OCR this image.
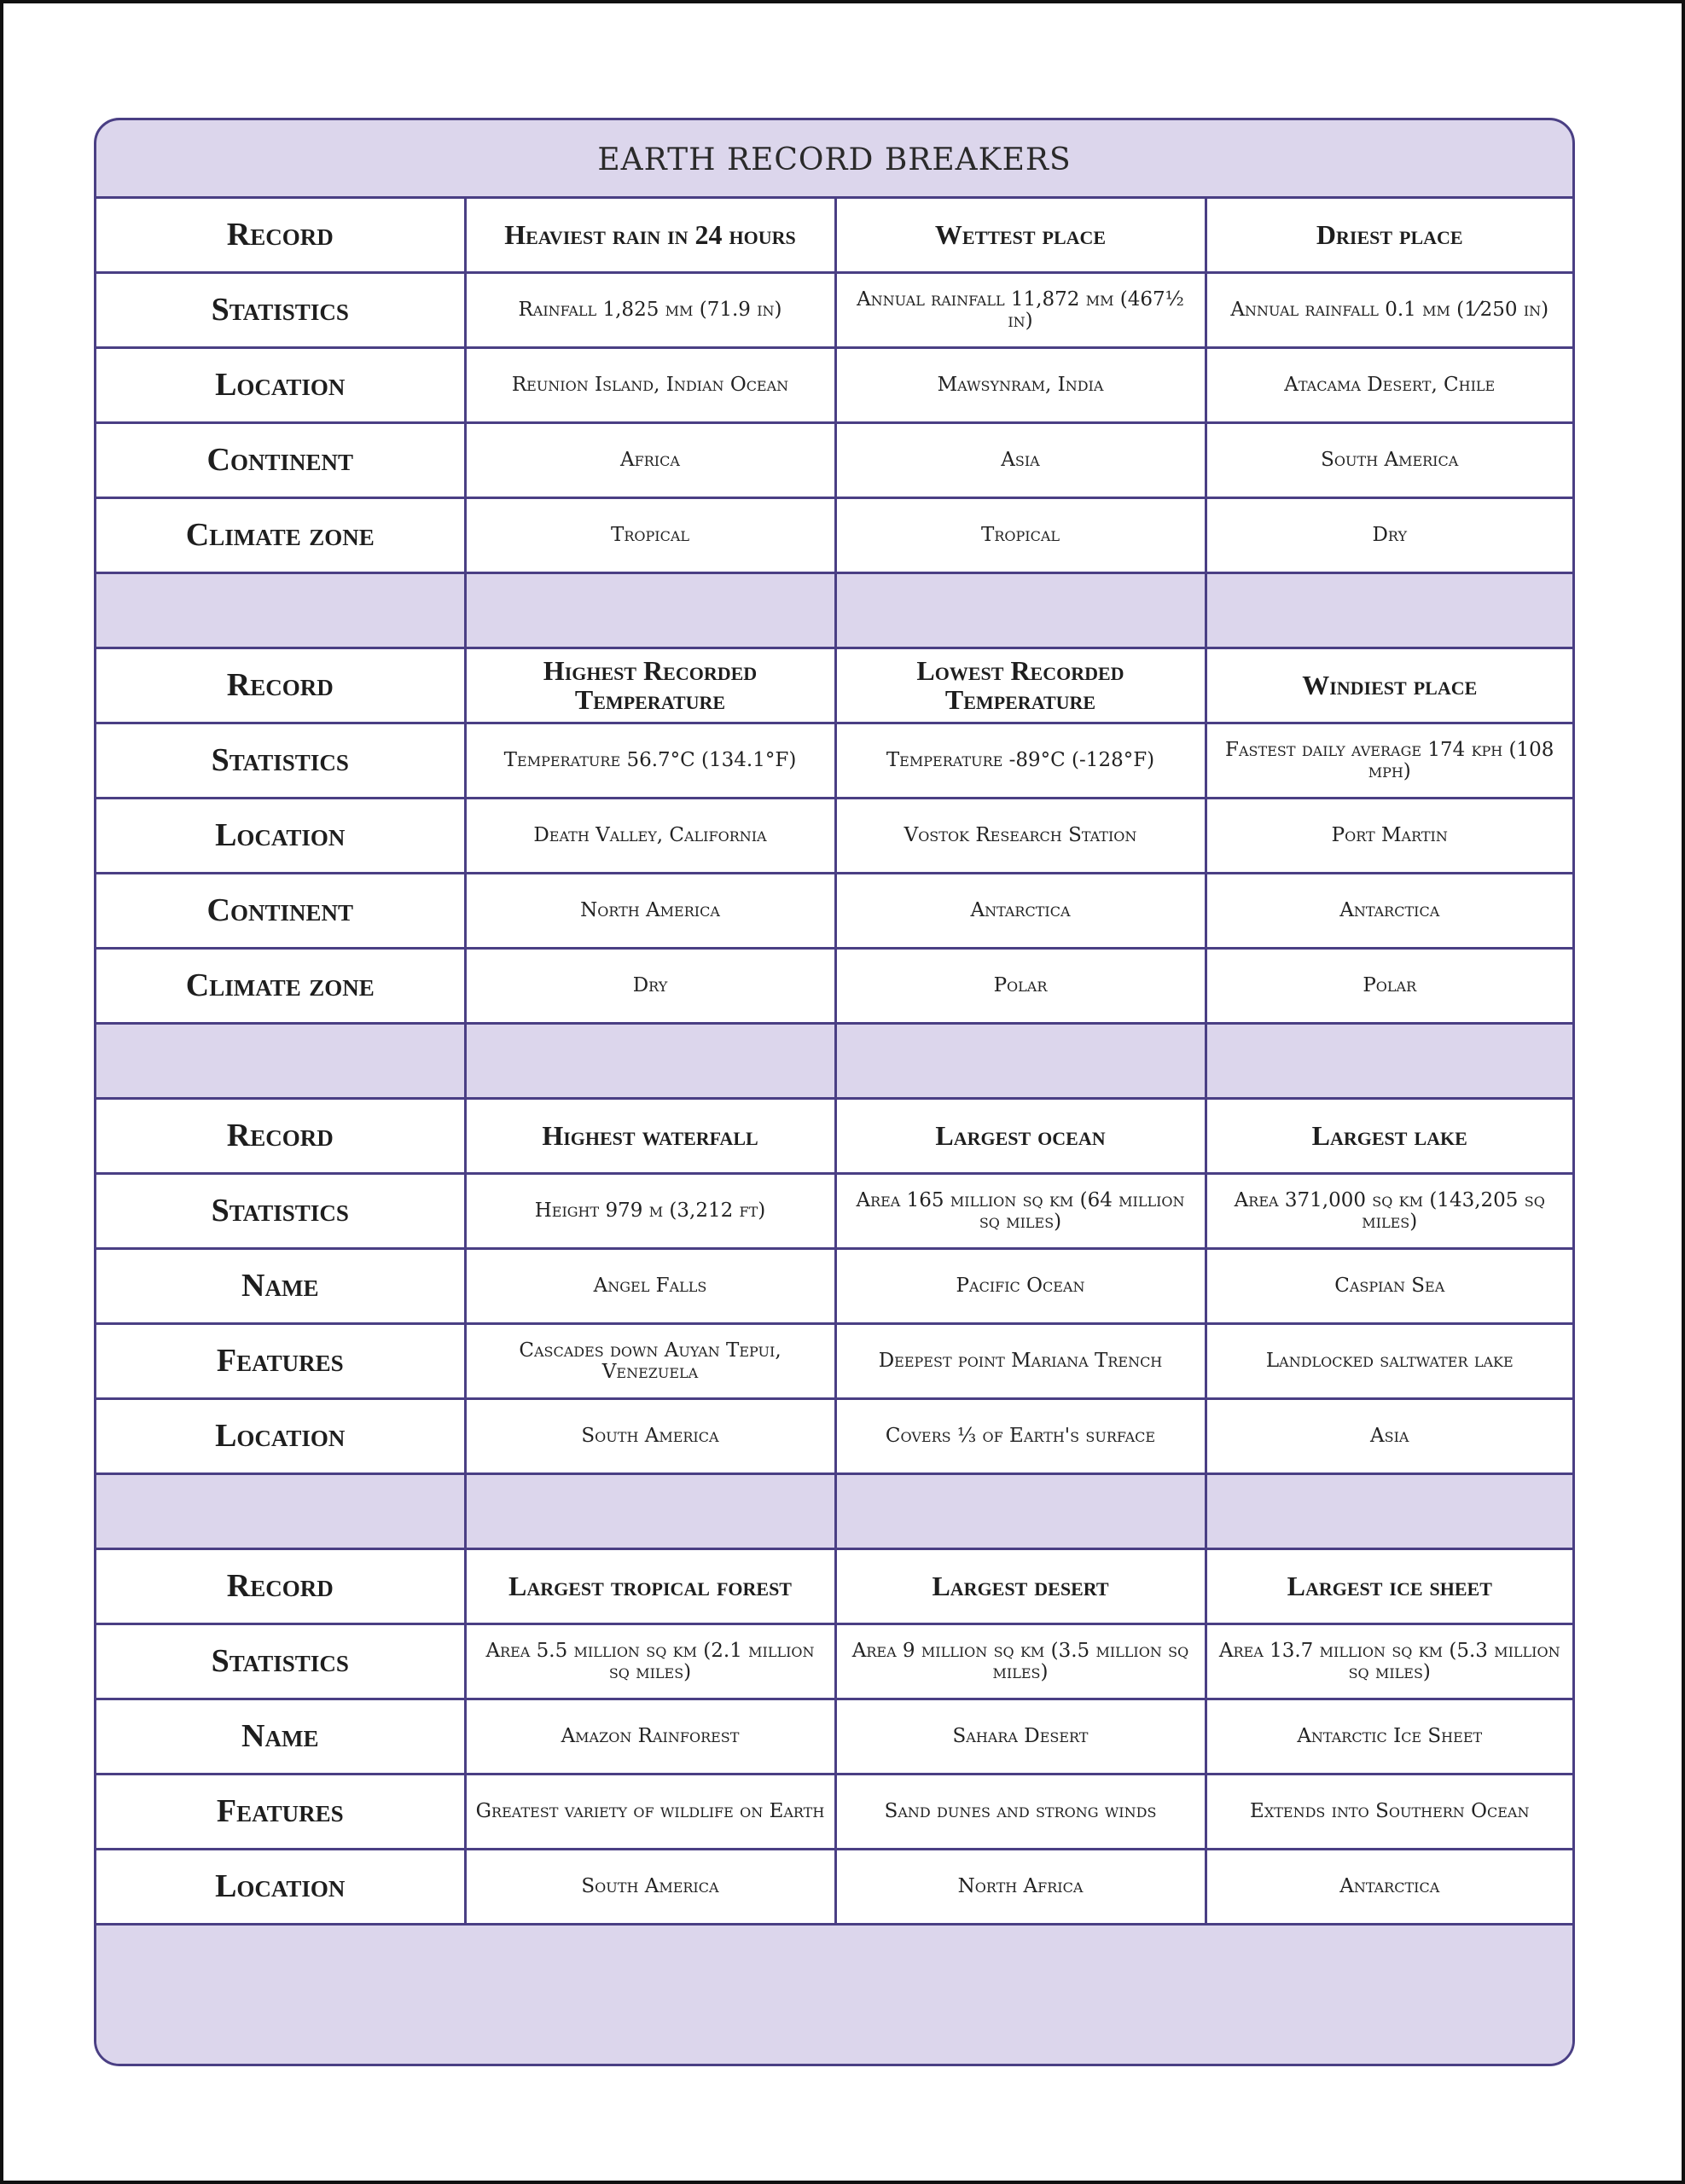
EARTH RECORD BREAKERS
Record	Heaviest rain in 24 hours	Wettest place	Driest place
Statistics	Rainfall 1,825 mm (71.9 in)	Annual rainfall 11,872 mm (467½ in)	Annual rainfall 0.1 mm (1⁄250 in)
Location	Reunion Island, Indian Ocean	Mawsynram, India	Atacama Desert, Chile
Continent	Africa	Asia	South America
Climate zone	Tropical	Tropical	Dry

Record	Highest Recorded Temperature	Lowest Recorded Temperature	Windiest place
Statistics	Temperature 56.7°C (134.1°F)	Temperature -89°C (-128°F)	Fastest daily average 174 kph (108 mph)
Location	Death Valley, California	Vostok Research Station	Port Martin
Continent	North America	Antarctica	Antarctica
Climate zone	Dry	Polar	Polar

Record	Highest waterfall	Largest ocean	Largest lake
Statistics	Height 979 m (3,212 ft)	Area 165 million sq km (64 million sq miles)	Area 371,000 sq km (143,205 sq miles)
Name	Angel Falls	Pacific Ocean	Caspian Sea
Features	Cascades down Auyan Tepui, Venezuela	Deepest point Mariana Trench	Landlocked saltwater lake
Location	South America	Covers ⅓ of Earth's surface	Asia

Record	Largest tropical forest	Largest desert	Largest ice sheet
Statistics	Area 5.5 million sq km (2.1 million sq miles)	Area 9 million sq km (3.5 million sq miles)	Area 13.7 million sq km (5.3 million sq miles)
Name	Amazon Rainforest	Sahara Desert	Antarctic Ice Sheet
Features	Greatest variety of wildlife on Earth	Sand dunes and strong winds	Extends into Southern Ocean
Location	South America	North Africa	Antarctica
